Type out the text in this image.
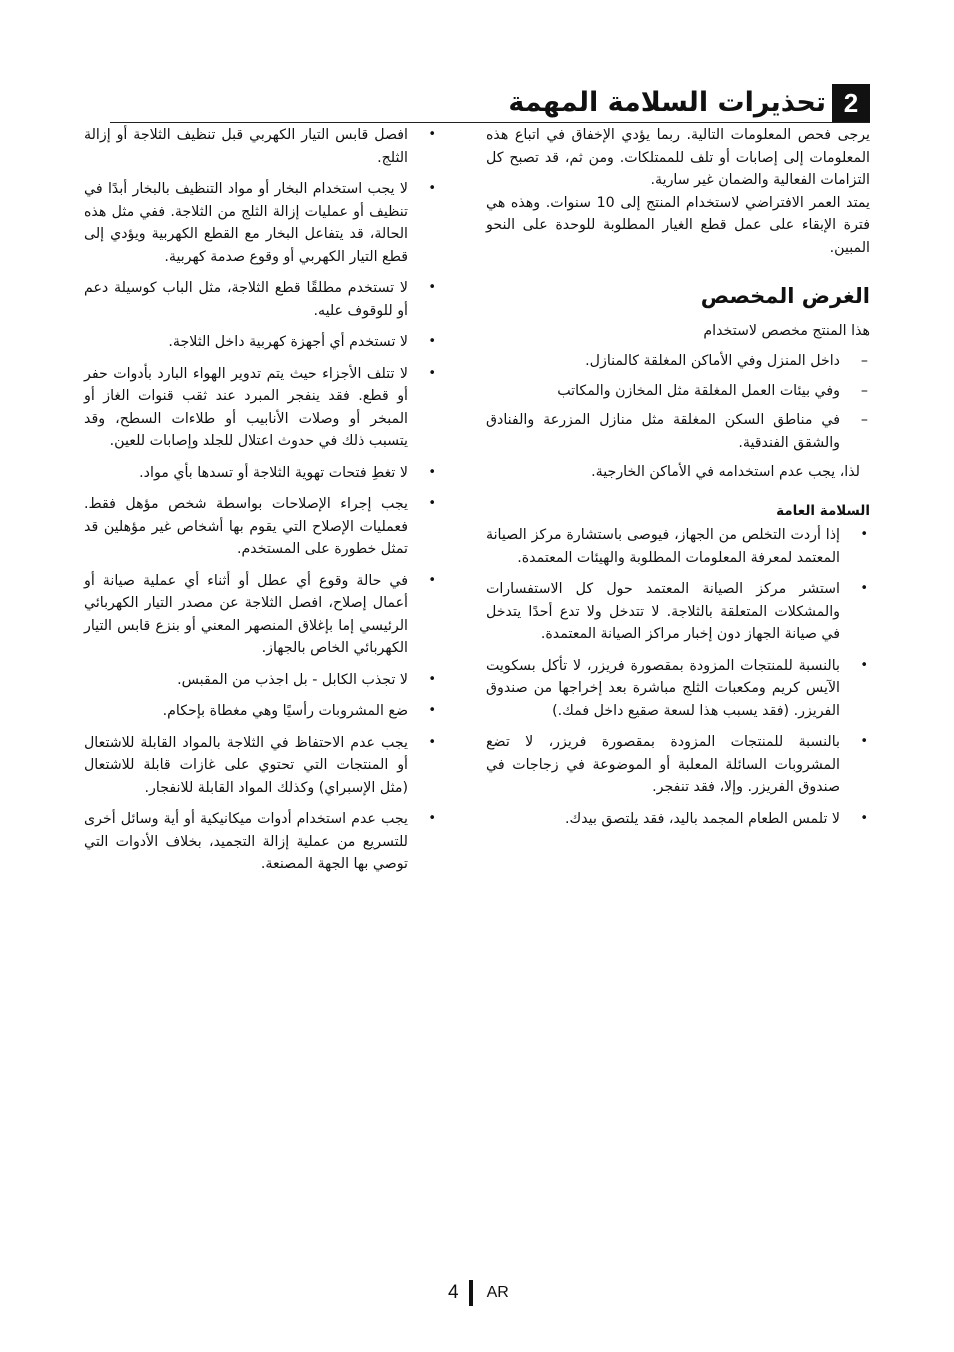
2
تحذيرات السلامة المهمة

يرجى فحص المعلومات التالية. ربما يؤدي الإخفاق في اتباع هذه المعلومات إلى إصابات أو تلف للممتلكات. ومن ثم، قد تصبح كل التزامات الفعالية والضمان غير سارية.

يمتد العمر الافتراضي لاستخدام المنتج إلى 10 سنوات. وهذه هي فترة الإبقاء على عمل قطع الغيار المطلوبة للوحدة على النحو المبين.

الغرض المخصص
هذا المنتج مخصص لاستخدام
– داخل المنزل وفي الأماكن المغلقة كالمنازل.
– وفي بيئات العمل المغلقة مثل المخازن والمكاتب
– في مناطق السكن المغلقة مثل منازل المزرعة والفنادق والشقق الفندقية.
لذا، يجب عدم استخدامه في الأماكن الخارجية.
السلامة العامة
• إذا أردت التخلص من الجهاز، فيوصى باستشارة مركز الصيانة المعتمد لمعرفة المعلومات المطلوبة والهيئات المعتمدة.
• استشر مركز الصيانة المعتمد حول كل الاستفسارات والمشكلات المتعلقة بالثلاجة. لا تتدخل ولا تدع أحدًا يتدخل في صيانة الجهاز دون إخبار مراكز الصيانة المعتمدة.
• بالنسبة للمنتجات المزودة بمقصورة فريزر، لا تأكل بسكويت الآيس كريم ومكعبات الثلج مباشرة بعد إخراجها من صندوق الفريزر. (فقد يسبب هذا لسعة صقيع داخل فمك.)
• بالنسبة للمنتجات المزودة بمقصورة فريزر، لا تضع المشروبات السائلة المعلبة أو الموضوعة في زجاجات في صندوق الفريزر. وإلا، فقد تنفجر.
• لا تلمس الطعام المجمد باليد، فقد يلتصق بيدك.
• افصل قابس التيار الكهربي قبل تنظيف الثلاجة أو إزالة الثلج.
• لا يجب استخدام البخار أو مواد التنظيف بالبخار أبدًا في تنظيف أو عمليات إزالة الثلج من الثلاجة. ففي مثل هذه الحالة، قد يتفاعل البخار مع القطع الكهربية ويؤدي إلى قطع التيار الكهربي أو وقوع صدمة كهربية.
• لا تستخدم مطلقًا قطع الثلاجة، مثل الباب كوسيلة دعم أو للوقوف عليه.
• لا تستخدم أي أجهزة كهربية داخل الثلاجة.
• لا تتلف الأجزاء حيث يتم تدوير الهواء البارد بأدوات حفر أو قطع. فقد ينفجر المبرد عند ثقب قنوات الغاز أو المبخر أو وصلات الأنابيب أو طلاءات السطح، وقد يتسبب ذلك في حدوث اعتلال للجلد وإصابات للعين.
• لا تغطِ فتحات تهوية الثلاجة أو تسدها بأي مواد.
• يجب إجراء الإصلاحات بواسطة شخص مؤهل فقط. فعمليات الإصلاح التي يقوم بها أشخاص غير مؤهلين قد تمثل خطورة على المستخدم.
• في حالة وقوع أي عطل أو أثناء أي عملية صيانة أو أعمال إصلاح، افصل الثلاجة عن مصدر التيار الكهربائي الرئيسي إما بإغلاق المنصهر المعني أو بنزع قابس التيار الكهربائي الخاص بالجهاز.
• لا تجذب الكابل - بل اجذب من المقبس.
• ضع المشروبات رأسيًا وهي مغطاة بإحكام.
• يجب عدم الاحتفاظ في الثلاجة بالمواد القابلة للاشتعال أو المنتجات التي تحتوي على غازات قابلة للاشتعال (مثل الإسبراي) وكذلك المواد القابلة للانفجار.
• يجب عدم استخدام أدوات ميكانيكية أو أية وسائل أخرى للتسريع من عملية إزالة التجميد، بخلاف الأدوات التي توصي بها الجهة المصنعة.
4 AR
